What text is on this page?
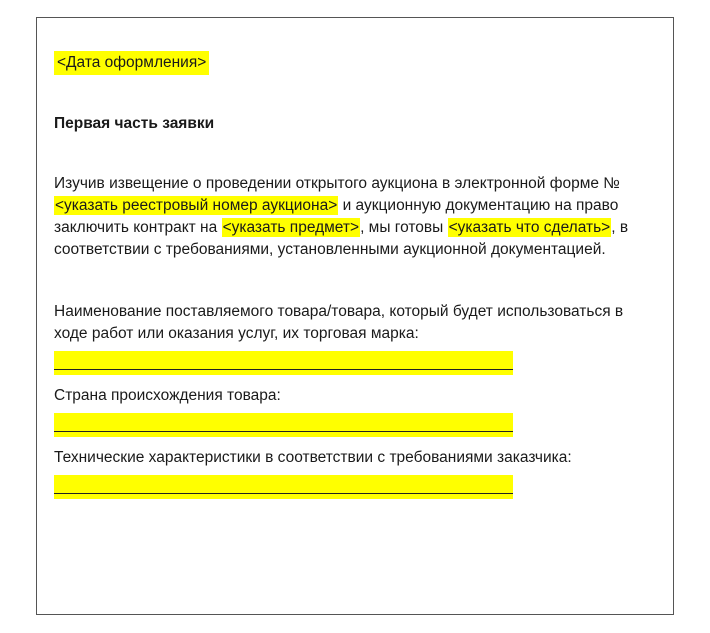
<Дата оформления>
Первая часть заявки
Изучив извещение о проведении открытого аукциона в электронной форме № <указать реестровый номер аукциона> и аукционную документацию на право заключить контракт на <указать предмет>, мы готовы <указать что сделать>, в соответствии с требованиями, установленными аукционной документацией.

Наименование поставляемого товара/товара, который будет использоваться в ходе работ или оказания услуг, их торговая марка:

Страна происхождения товара:

Технические характеристики в соответствии с требованиями заказчика:
